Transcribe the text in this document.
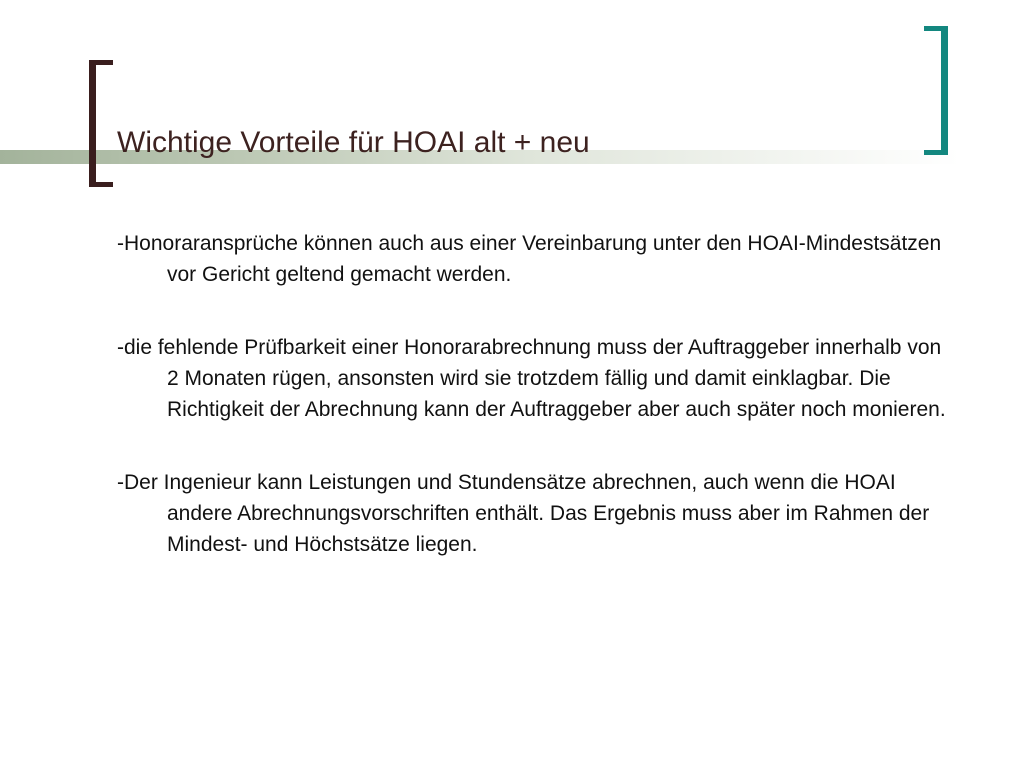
Wichtige Vorteile für HOAI alt + neu

-Honoraransprüche können auch aus einer Vereinbarung unter den HOAI-Mindestsätzen vor Gericht geltend gemacht werden.

-die fehlende Prüfbarkeit einer Honorarabrechnung muss der Auftraggeber innerhalb von 2 Monaten rügen, ansonsten wird sie trotzdem fällig und damit einklagbar. Die Richtigkeit der Abrechnung kann der Auftraggeber aber auch später noch monieren.

-Der Ingenieur kann Leistungen und Stundensätze abrechnen, auch wenn die HOAI andere Abrechnungsvorschriften enthält. Das Ergebnis muss aber im Rahmen der Mindest- und Höchstsätze liegen.
